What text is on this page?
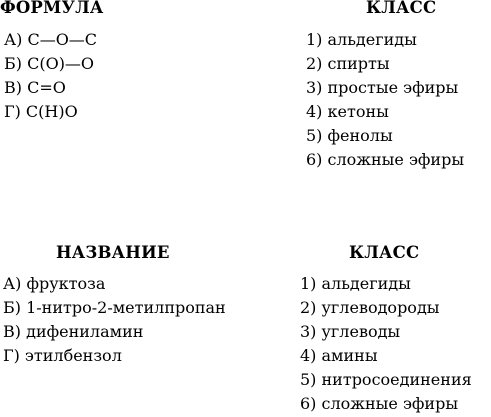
ФОРМУЛА	КЛАСС
А) C—O—C
Б) C(O)—O
В) C=O
Г) C(H)O
1) альдегиды
2) спирты
3) простые эфиры
4) кетоны
5) фенолы
6) сложные эфиры
НАЗВАНИЕ	КЛАСС
А) фруктоза
Б) 1-нитро-2-метилпропан
В) дифениламин
Г) этилбензол
1) альдегиды
2) углеводороды
3) углеводы
4) амины
5) нитросоединения
6) сложные эфиры
